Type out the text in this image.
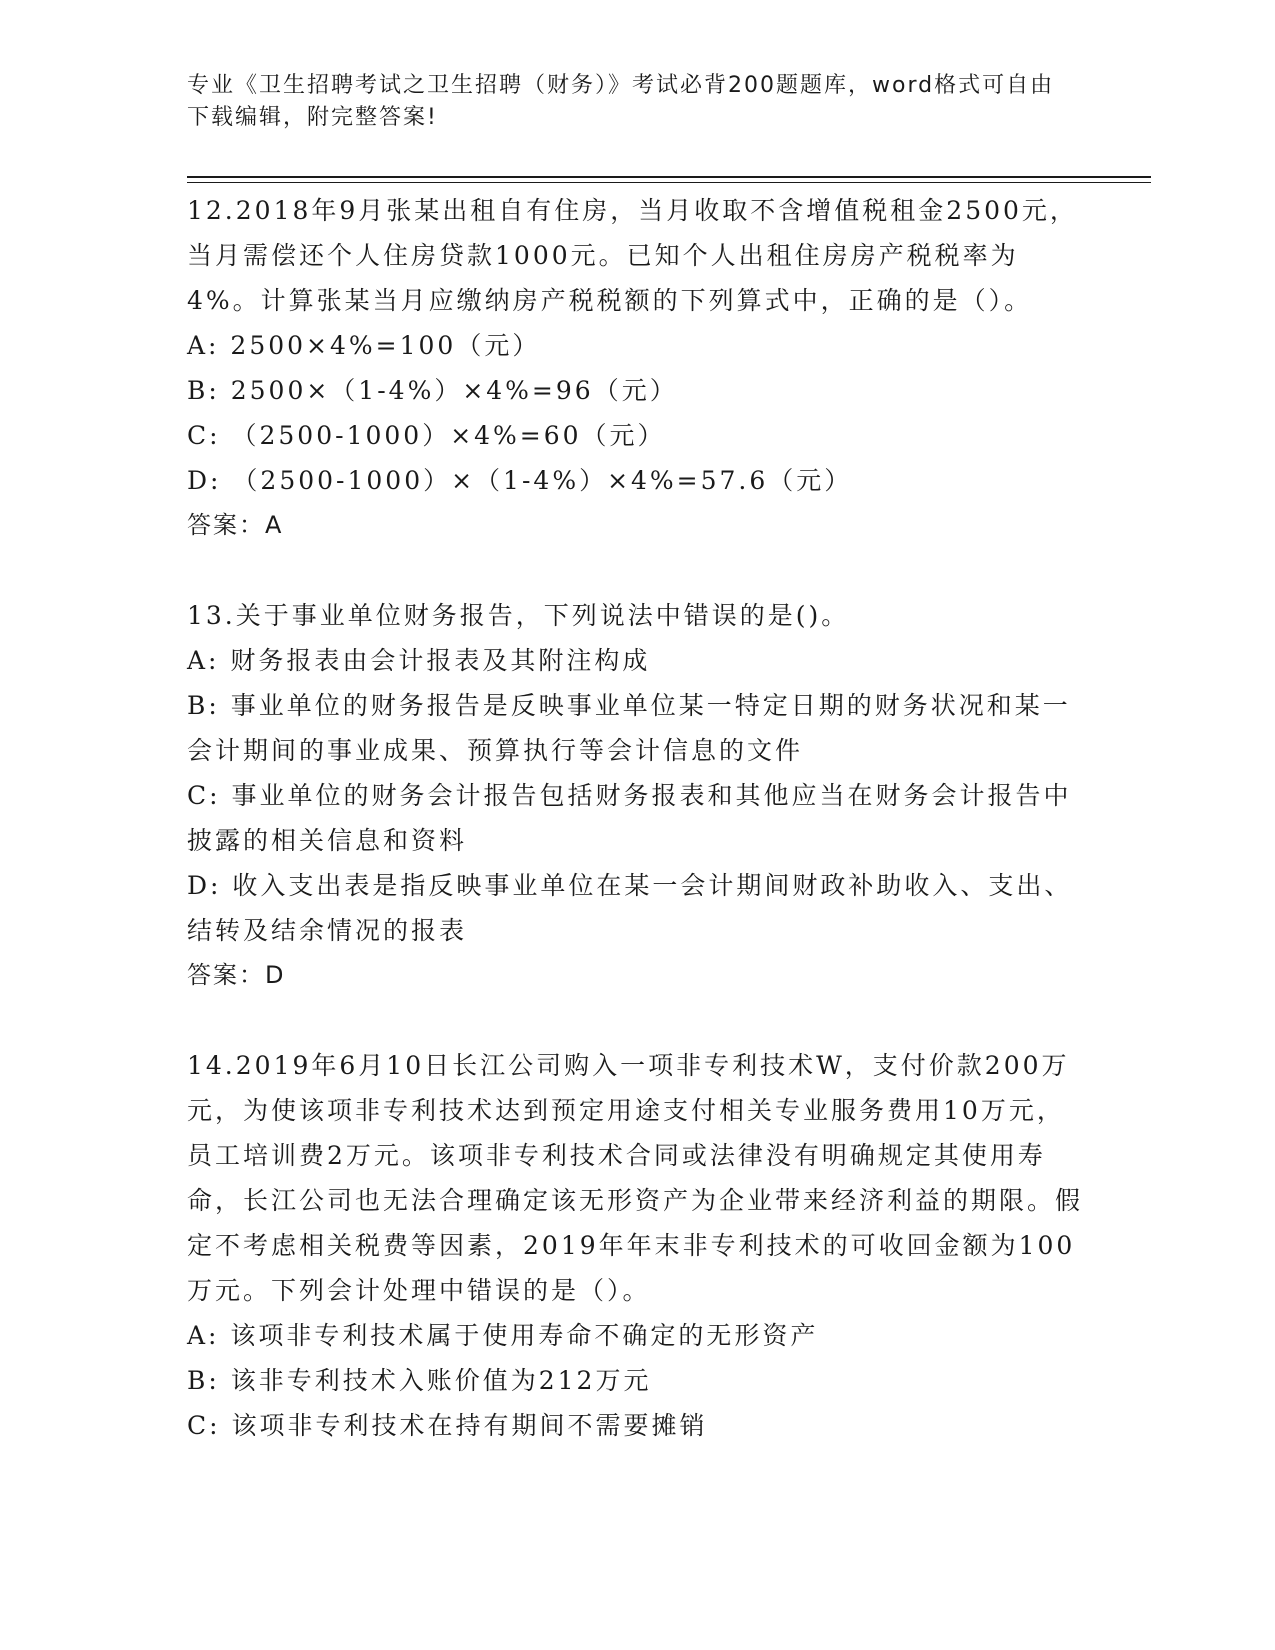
专业《卫生招聘考试之卫生招聘（财务）》考试必背200题题库，word格式可自由下载编辑，附完整答案!

12.2018年9月张某出租自有住房，当月收取不含增值税租金2500元，当月需偿还个人住房贷款1000元。已知个人出租住房房产税税率为4%。计算张某当月应缴纳房产税税额的下列算式中，正确的是（）。

A: 2500×4%=100（元）

B: 2500×（1-4%）×4%=96（元）

C: （2500-1000）×4%=60（元）

D: （2500-1000）×（1-4%）×4%=57.6（元）

答案：A

13.关于事业单位财务报告，下列说法中错误的是()。

A: 财务报表由会计报表及其附注构成

B: 事业单位的财务报告是反映事业单位某一特定日期的财务状况和某一会计期间的事业成果、预算执行等会计信息的文件

C: 事业单位的财务会计报告包括财务报表和其他应当在财务会计报告中披露的相关信息和资料

D: 收入支出表是指反映事业单位在某一会计期间财政补助收入、支出、结转及结余情况的报表

答案：D

14.2019年6月10日长江公司购入一项非专利技术W，支付价款200万元，为使该项非专利技术达到预定用途支付相关专业服务费用10万元，员工培训费2万元。该项非专利技术合同或法律没有明确规定其使用寿命，长江公司也无法合理确定该无形资产为企业带来经济利益的期限。假定不考虑相关税费等因素，2019年年末非专利技术的可收回金额为100万元。下列会计处理中错误的是（）。

A: 该项非专利技术属于使用寿命不确定的无形资产

B: 该非专利技术入账价值为212万元

C: 该项非专利技术在持有期间不需要摊销
